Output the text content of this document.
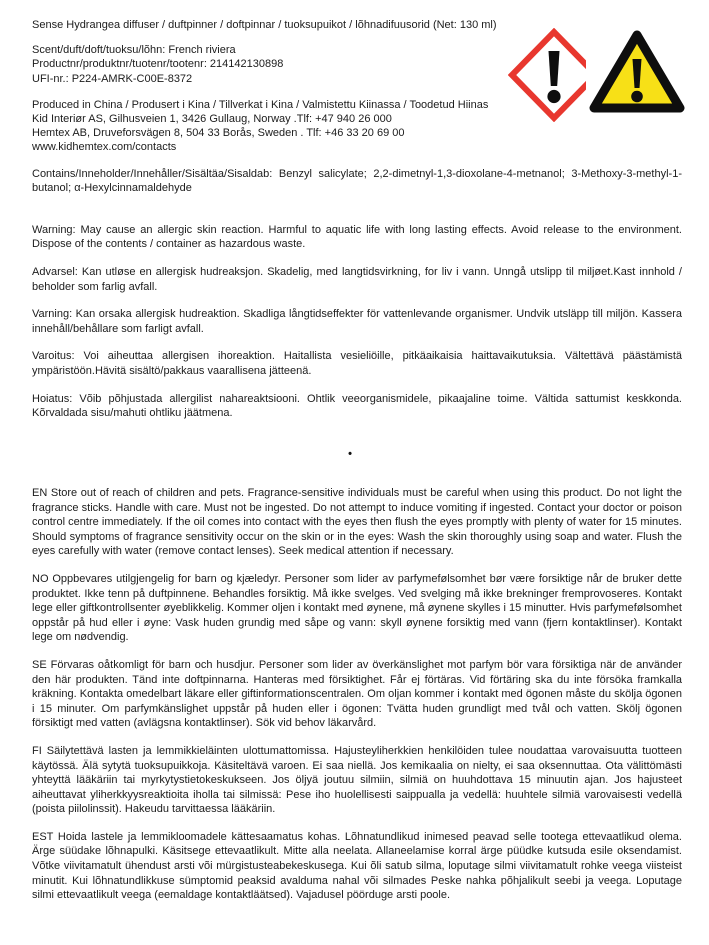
Sense Hydrangea diffuser / duftpinner / doftpinnar / tuoksupuikot / lõhnadifuusorid (Net: 130 ml)

Scent/duft/doft/tuoksu/lõhn: French riviera

Productnr/produktnr/tuotenr/tootenr: 214142130898

UFI-nr.: P224-AMRK-C00E-8372

Produced in China / Produsert i Kina / Tillverkat i Kina / Valmistettu Kiinassa / Toodetud Hiinas

Kid Interiør AS, Gilhusveien 1, 3426 Gullaug, Norway .Tlf: +47 940 26 000

Hemtex AB, Druveforsvägen 8, 504 33 Borås, Sweden . Tlf: +46 33 20 69 00

www.kidhemtex.com/contacts

Contains/Inneholder/Innehåller/Sisältäa/Sisaldab: Benzyl salicylate; 2,2-dimetnyl-1,3-dioxolane-4-metnanol; 3-Methoxy-3-methyl-1-butanol; α-Hexylcinnamaldehyde

Warning: May cause an allergic skin reaction. Harmful to aquatic life with long lasting effects. Avoid release to the environment. Dispose of the contents / container as hazardous waste.

Advarsel: Kan utløse en allergisk hudreaksjon. Skadelig, med langtidsvirkning, for liv i vann. Unngå utslipp til miljøet.Kast innhold / beholder som farlig avfall.

Varning: Kan orsaka allergisk hudreaktion. Skadliga långtidseffekter för vattenlevande organismer. Undvik utsläpp till miljön. Kassera innehåll/behållare som farligt avfall.

Varoitus: Voi aiheuttaa allergisen ihoreaktion. Haitallista vesieliöille, pitkäaikaisia haittavaikutuksia. Vältettävä päästämistä ympäristöön.Hävitä sisältö/pakkaus vaarallisena jätteenä.

Hoiatus: Võib põhjustada allergilist nahareaktsiooni. Ohtlik veeorganismidele, pikaajaline toime. Vältida sattumist keskkonda. Kõrvaldada sisu/mahuti ohtliku jäätmena.

•

EN Store out of reach of children and pets. Fragrance-sensitive individuals must be careful when using this product. Do not light the fragrance sticks. Handle with care. Must not be ingested. Do not attempt to induce vomiting if ingested. Contact your doctor or poison control centre immediately. If the oil comes into contact with the eyes then flush the eyes promptly with plenty of water for 15 minutes. Should symptoms of fragrance sensitivity occur on the skin or in the eyes: Wash the skin thoroughly using soap and water. Flush the eyes carefully with water (remove contact lenses). Seek medical attention if necessary.

NO Oppbevares utilgjengelig for barn og kjæledyr. Personer som lider av parfymefølsomhet bør være forsiktige når de bruker dette produktet. Ikke tenn på duftpinnene. Behandles forsiktig. Må ikke svelges. Ved svelging må ikke brekninger fremprovoseres. Kontakt lege eller giftkontrollsenter øyeblikkelig. Kommer oljen i kontakt med øynene, må øynene skylles i 15 minutter. Hvis parfymefølsomhet oppstår på hud eller i øyne: Vask huden grundig med såpe og vann: skyll øynene forsiktig med vann (fjern kontaktlinser). Kontakt lege om nødvendig.

SE Förvaras oåtkomligt för barn och husdjur. Personer som lider av överkänslighet mot parfym bör vara försiktiga när de använder den här produkten. Tänd inte doftpinnarna. Hanteras med försiktighet. Får ej förtäras. Vid förtäring ska du inte försöka framkalla kräkning. Kontakta omedelbart läkare eller giftinformationscentralen. Om oljan kommer i kontakt med ögonen måste du skölja ögonen i 15 minuter. Om parfymkänslighet uppstår på huden eller i ögonen: Tvätta huden grundligt med tvål och vatten. Skölj ögonen försiktigt med vatten (avlägsna kontaktlinser). Sök vid behov läkarvård.

FI Säilytettävä lasten ja lemmikkieläinten ulottumattomissa. Hajusteyliherkkien henkilöiden tulee noudattaa varovaisuutta tuotteen käytössä. Älä sytytä tuoksupuikkoja. Käsiteltävä varoen. Ei saa niellä. Jos kemikaalia on nielty, ei saa oksennuttaa. Ota välittömästi yhteyttä lääkäriin tai myrkytystietokeskukseen. Jos öljyä joutuu silmiin, silmiä on huuhdottava 15 minuutin ajan. Jos hajusteet aiheuttavat yliherkkyysreaktioita iholla tai silmissä: Pese iho huolellisesti saippualla ja vedellä: huuhtele silmiä varovaisesti vedellä (poista piilolinssit). Hakeudu tarvittaessa lääkäriin.

EST Hoida lastele ja lemmikloomadele kättesaamatus kohas. Lõhnatundlikud inimesed peavad selle tootega ettevaatlikud olema. Ärge süüdake lõhnapulki. Käsitsege ettevaatlikult. Mitte alla neelata. Allaneelamise korral ärge püüdke kutsuda esile oksendamist. Võtke viivitamatult ühendust arsti või mürgistusteabekeskusega. Kui õli satub silma, loputage silmi viivitamatult rohke veega viisteist minutit. Kui lõhnatundlikkuse sümptomid peaksid avalduma nahal või silmades Peske nahka põhjalikult seebi ja veega. Loputage silmi ettevaatlikult veega (eemaldage kontaktläätsed). Vajadusel pöörduge arsti poole.
